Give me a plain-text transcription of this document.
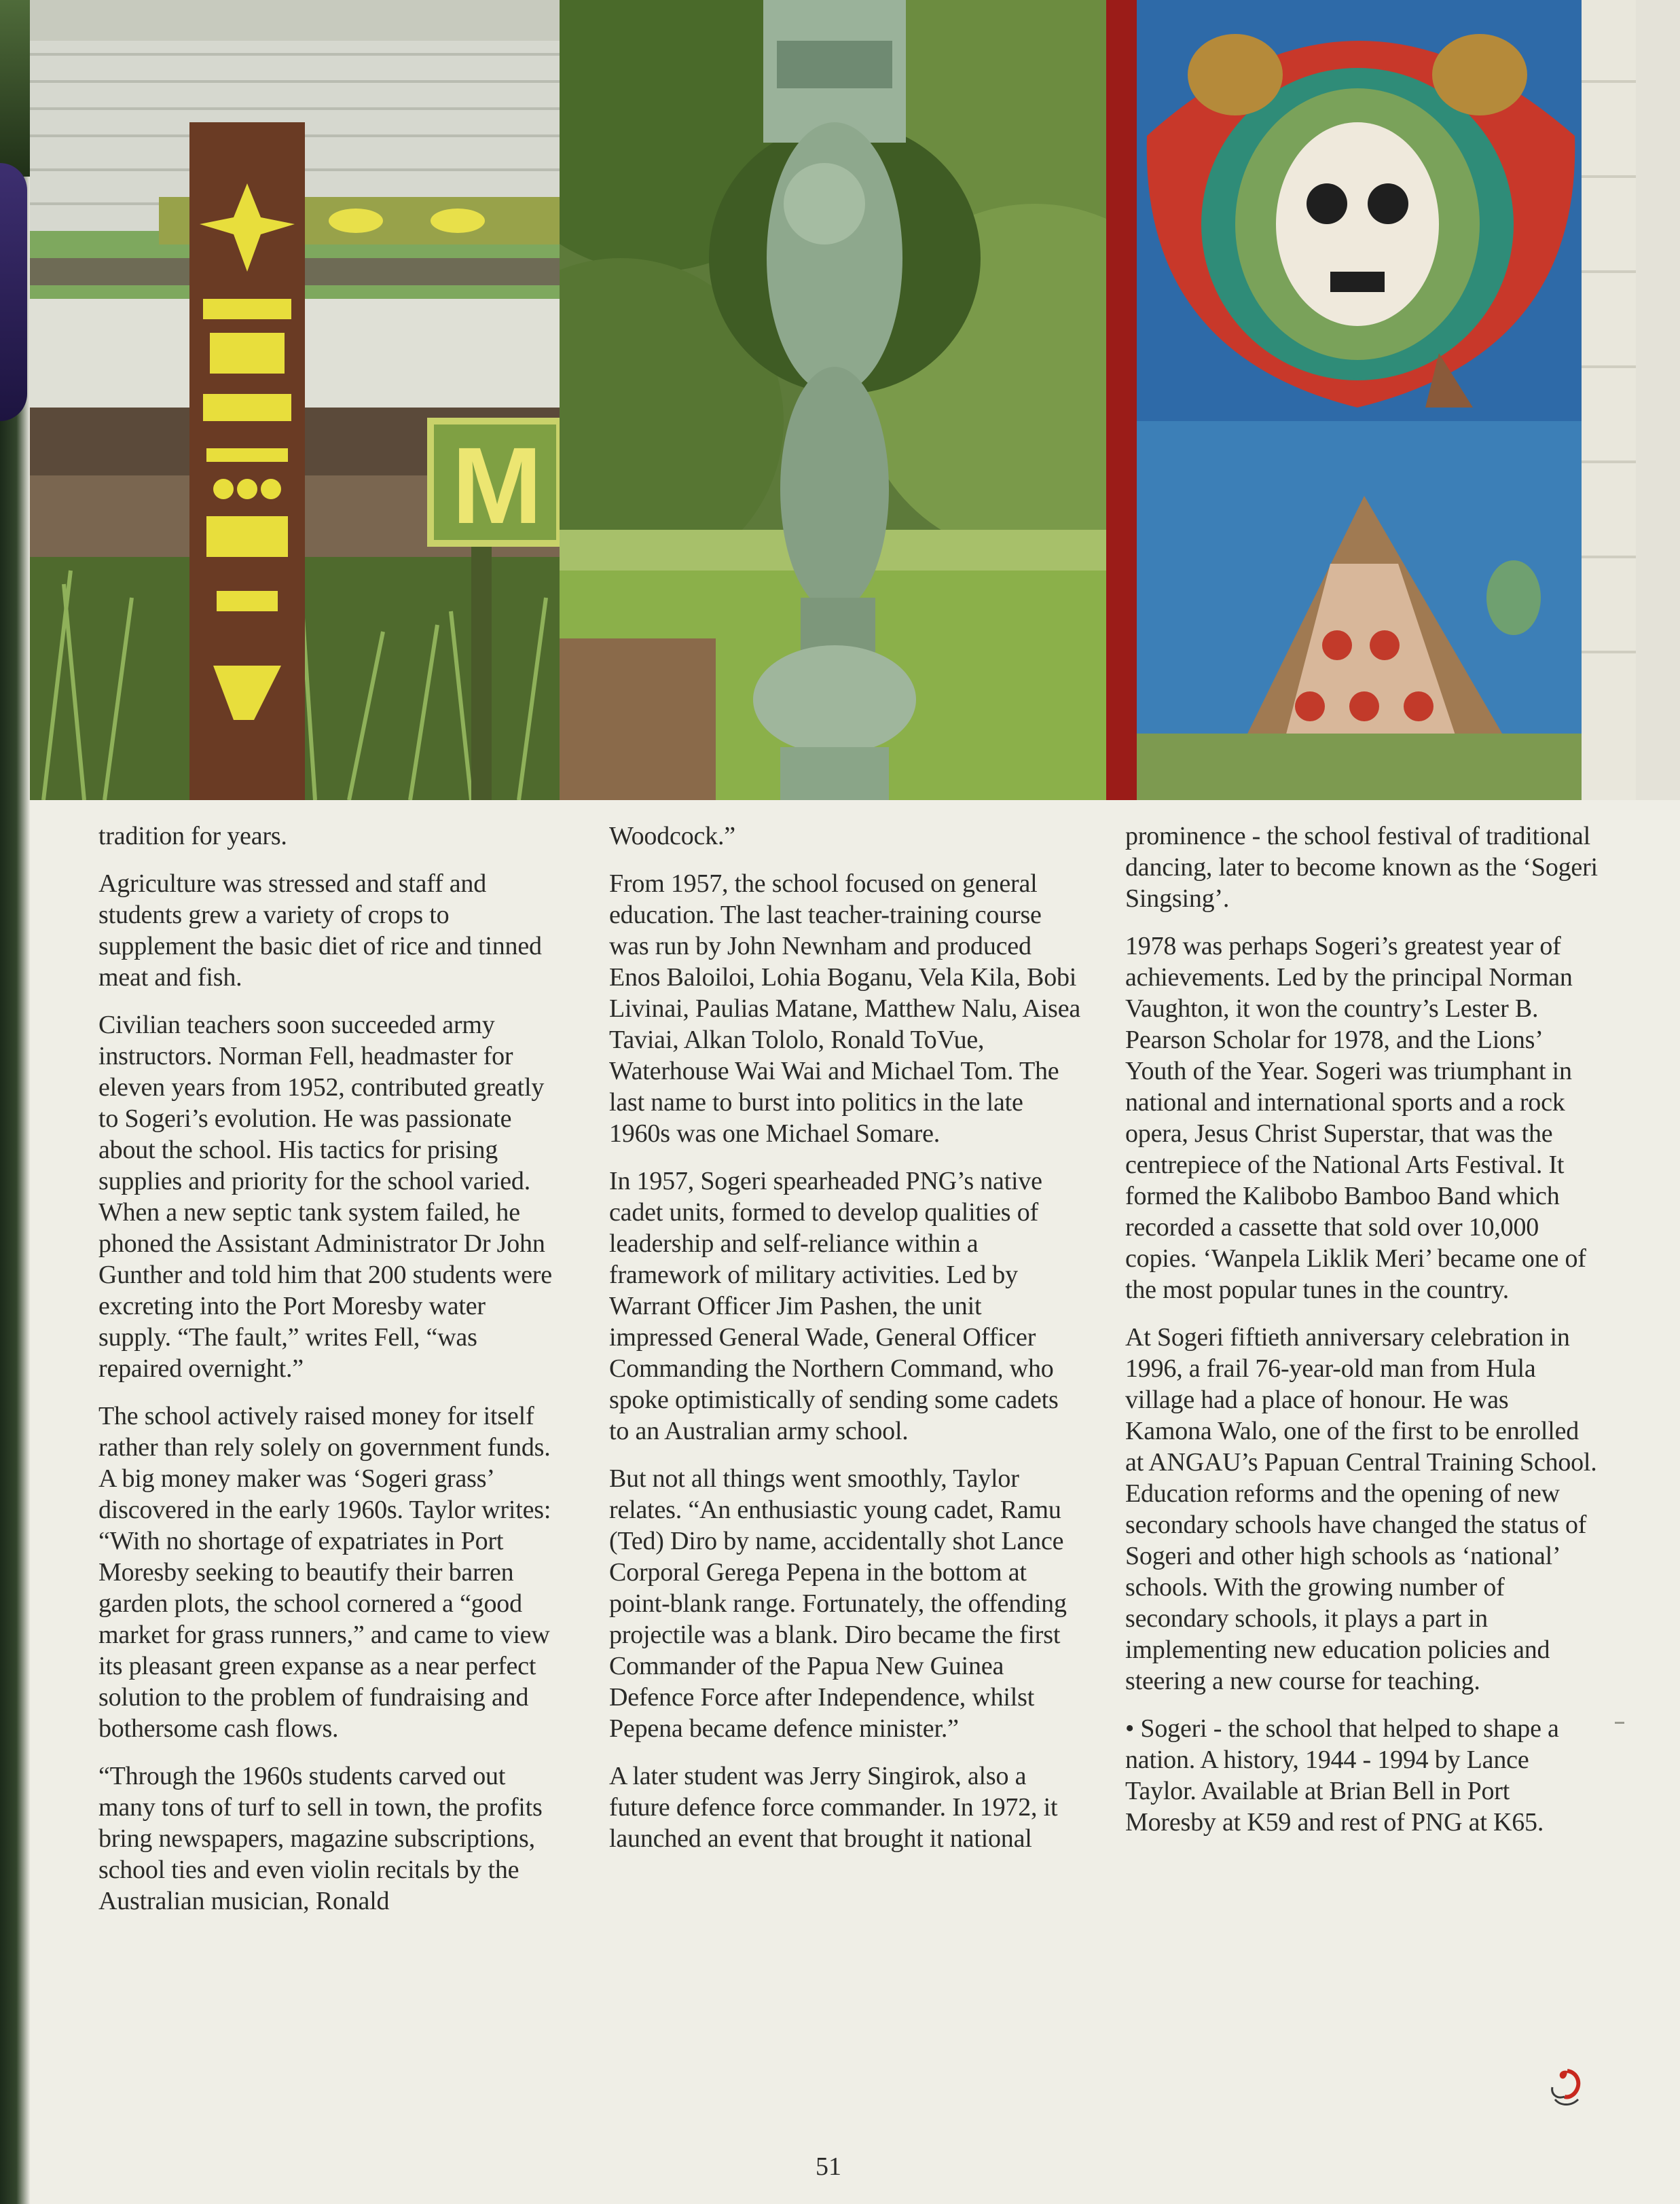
M

tradition for years.

Agriculture was stressed and staff and students grew a variety of crops to supplement the basic diet of rice and tinned meat and fish.

Civilian teachers soon succeeded army instructors. Norman Fell, headmaster for eleven years from 1952, contributed greatly to Sogeri’s evolution. He was passionate about the school. His tactics for prising supplies and priority for the school varied. When a new septic tank system failed, he phoned the Assistant Administrator Dr John Gunther and told him that 200 students were excreting into the Port Moresby water supply. “The fault,” writes Fell, “was repaired overnight.”

The school actively raised money for itself rather than rely solely on government funds. A big money maker was ‘Sogeri grass’ discovered in the early 1960s. Taylor writes: “With no shortage of expatriates in Port Moresby seeking to beautify their barren garden plots, the school cornered a “good market for grass runners,” and came to view its pleasant green expanse as a near perfect solution to the problem of fundraising and bothersome cash flows.

“Through the 1960s students carved out many tons of turf to sell in town, the profits bring newspapers, magazine subscriptions, school ties and even violin recitals by the Australian musician, Ronald

Woodcock.”

From 1957, the school focused on general education. The last teacher-training course was run by John Newnham and produced Enos Baloiloi, Lohia Boganu, Vela Kila, Bobi Livinai, Paulias Matane, Matthew Nalu, Aisea Taviai, Alkan Tololo, Ronald ToVue, Waterhouse Wai Wai and Michael Tom. The last name to burst into politics in the late 1960s was one Michael Somare.

In 1957, Sogeri spearheaded PNG’s native cadet units, formed to develop qualities of leadership and self-reliance within a framework of military activities. Led by Warrant Officer Jim Pashen, the unit impressed General Wade, General Officer Commanding the Northern Command, who spoke optimistically of sending some cadets to an Australian army school.

But not all things went smoothly, Taylor relates. “An enthusiastic young cadet, Ramu (Ted) Diro by name, accidentally shot Lance Corporal Gerega Pepena in the bottom at point-blank range. Fortunately, the offending projectile was a blank. Diro became the first Commander of the Papua New Guinea Defence Force after Independence, whilst Pepena became defence minister.”

A later student was Jerry Singirok, also a future defence force commander. In 1972, it launched an event that brought it national

prominence - the school festival of traditional dancing, later to become known as the ‘Sogeri Singsing’.

1978 was perhaps Sogeri’s greatest year of achievements. Led by the principal Norman Vaughton, it won the country’s Lester B. Pearson Scholar for 1978, and the Lions’ Youth of the Year. Sogeri was triumphant in national and international sports and a rock opera, Jesus Christ Superstar, that was the centrepiece of the National Arts Festival. It formed the Kalibobo Bamboo Band which recorded a cassette that sold over 10,000 copies. ‘Wanpela Liklik Meri’ became one of the most popular tunes in the country.

At Sogeri fiftieth anniversary celebration in 1996, a frail 76-year-old man from Hula village had a place of honour. He was Kamona Walo, one of the first to be enrolled at ANGAU’s Papuan Central Training School. Education reforms and the opening of new secondary schools have changed the status of Sogeri and other high schools as ‘national’ schools. With the growing number of secondary schools, it plays a part in implementing new education policies and steering a new course for teaching.

• Sogeri - the school that helped to shape a nation. A history, 1944 - 1994 by Lance Taylor. Available at Brian Bell in Port Moresby at K59 and rest of PNG at K65.

51
